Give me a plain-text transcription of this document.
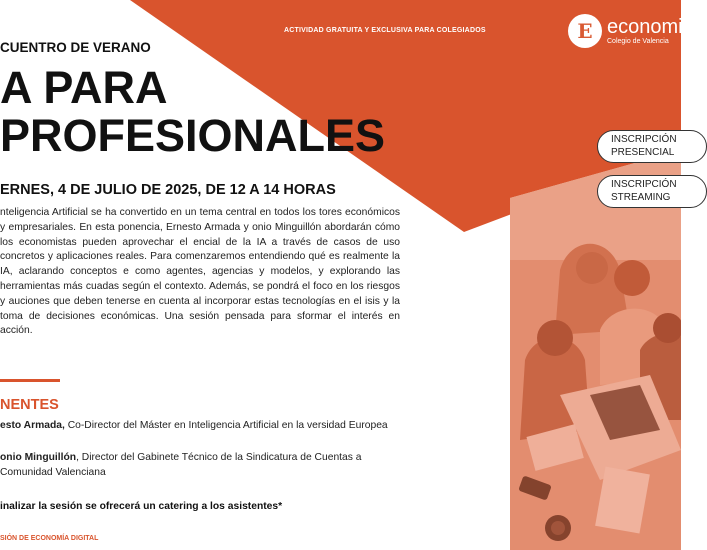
ACTIVIDAD GRATUITA Y EXCLUSIVA PARA COLEGIADOS	E economis
Colegio de Valencia
CUENTRO DE VERANO
A PARA
PROFESIONALES
ERNES, 4 DE JULIO DE 2025, DE 12 A 14 HORAS
nteligencia Artificial se ha convertido en un tema central en todos los tores económicos y empresariales. En esta ponencia, Ernesto Armada y onio Minguillón abordarán cómo los economistas pueden aprovechar el encial de la IA a través de casos de uso concretos y aplicaciones reales. Para comenzaremos entendiendo qué es realmente la IA, aclarando conceptos e como agentes, agencias y modelos, y explorando las herramientas más cuadas según el contexto. Además, se pondrá el foco en los riesgos y auciones que deben tenerse en cuenta al incorporar estas tecnologías en el isis y la toma de decisiones económicas. Una sesión pensada para sformar el interés en acción.
NENTES
esto Armada, Co-Director del Máster en Inteligencia Artificial en la versidad Europea
onio Minguillón, Director del Gabinete Técnico de la Sindicatura de Cuentas a Comunidad Valenciana
inalizar la sesión se ofrecerá un catering a los asistentes*
SIÓN DE ECONOMÍA DIGITAL
INSCRIPCIÓN
PRESENCIAL
INSCRIPCIÓN
STREAMING
